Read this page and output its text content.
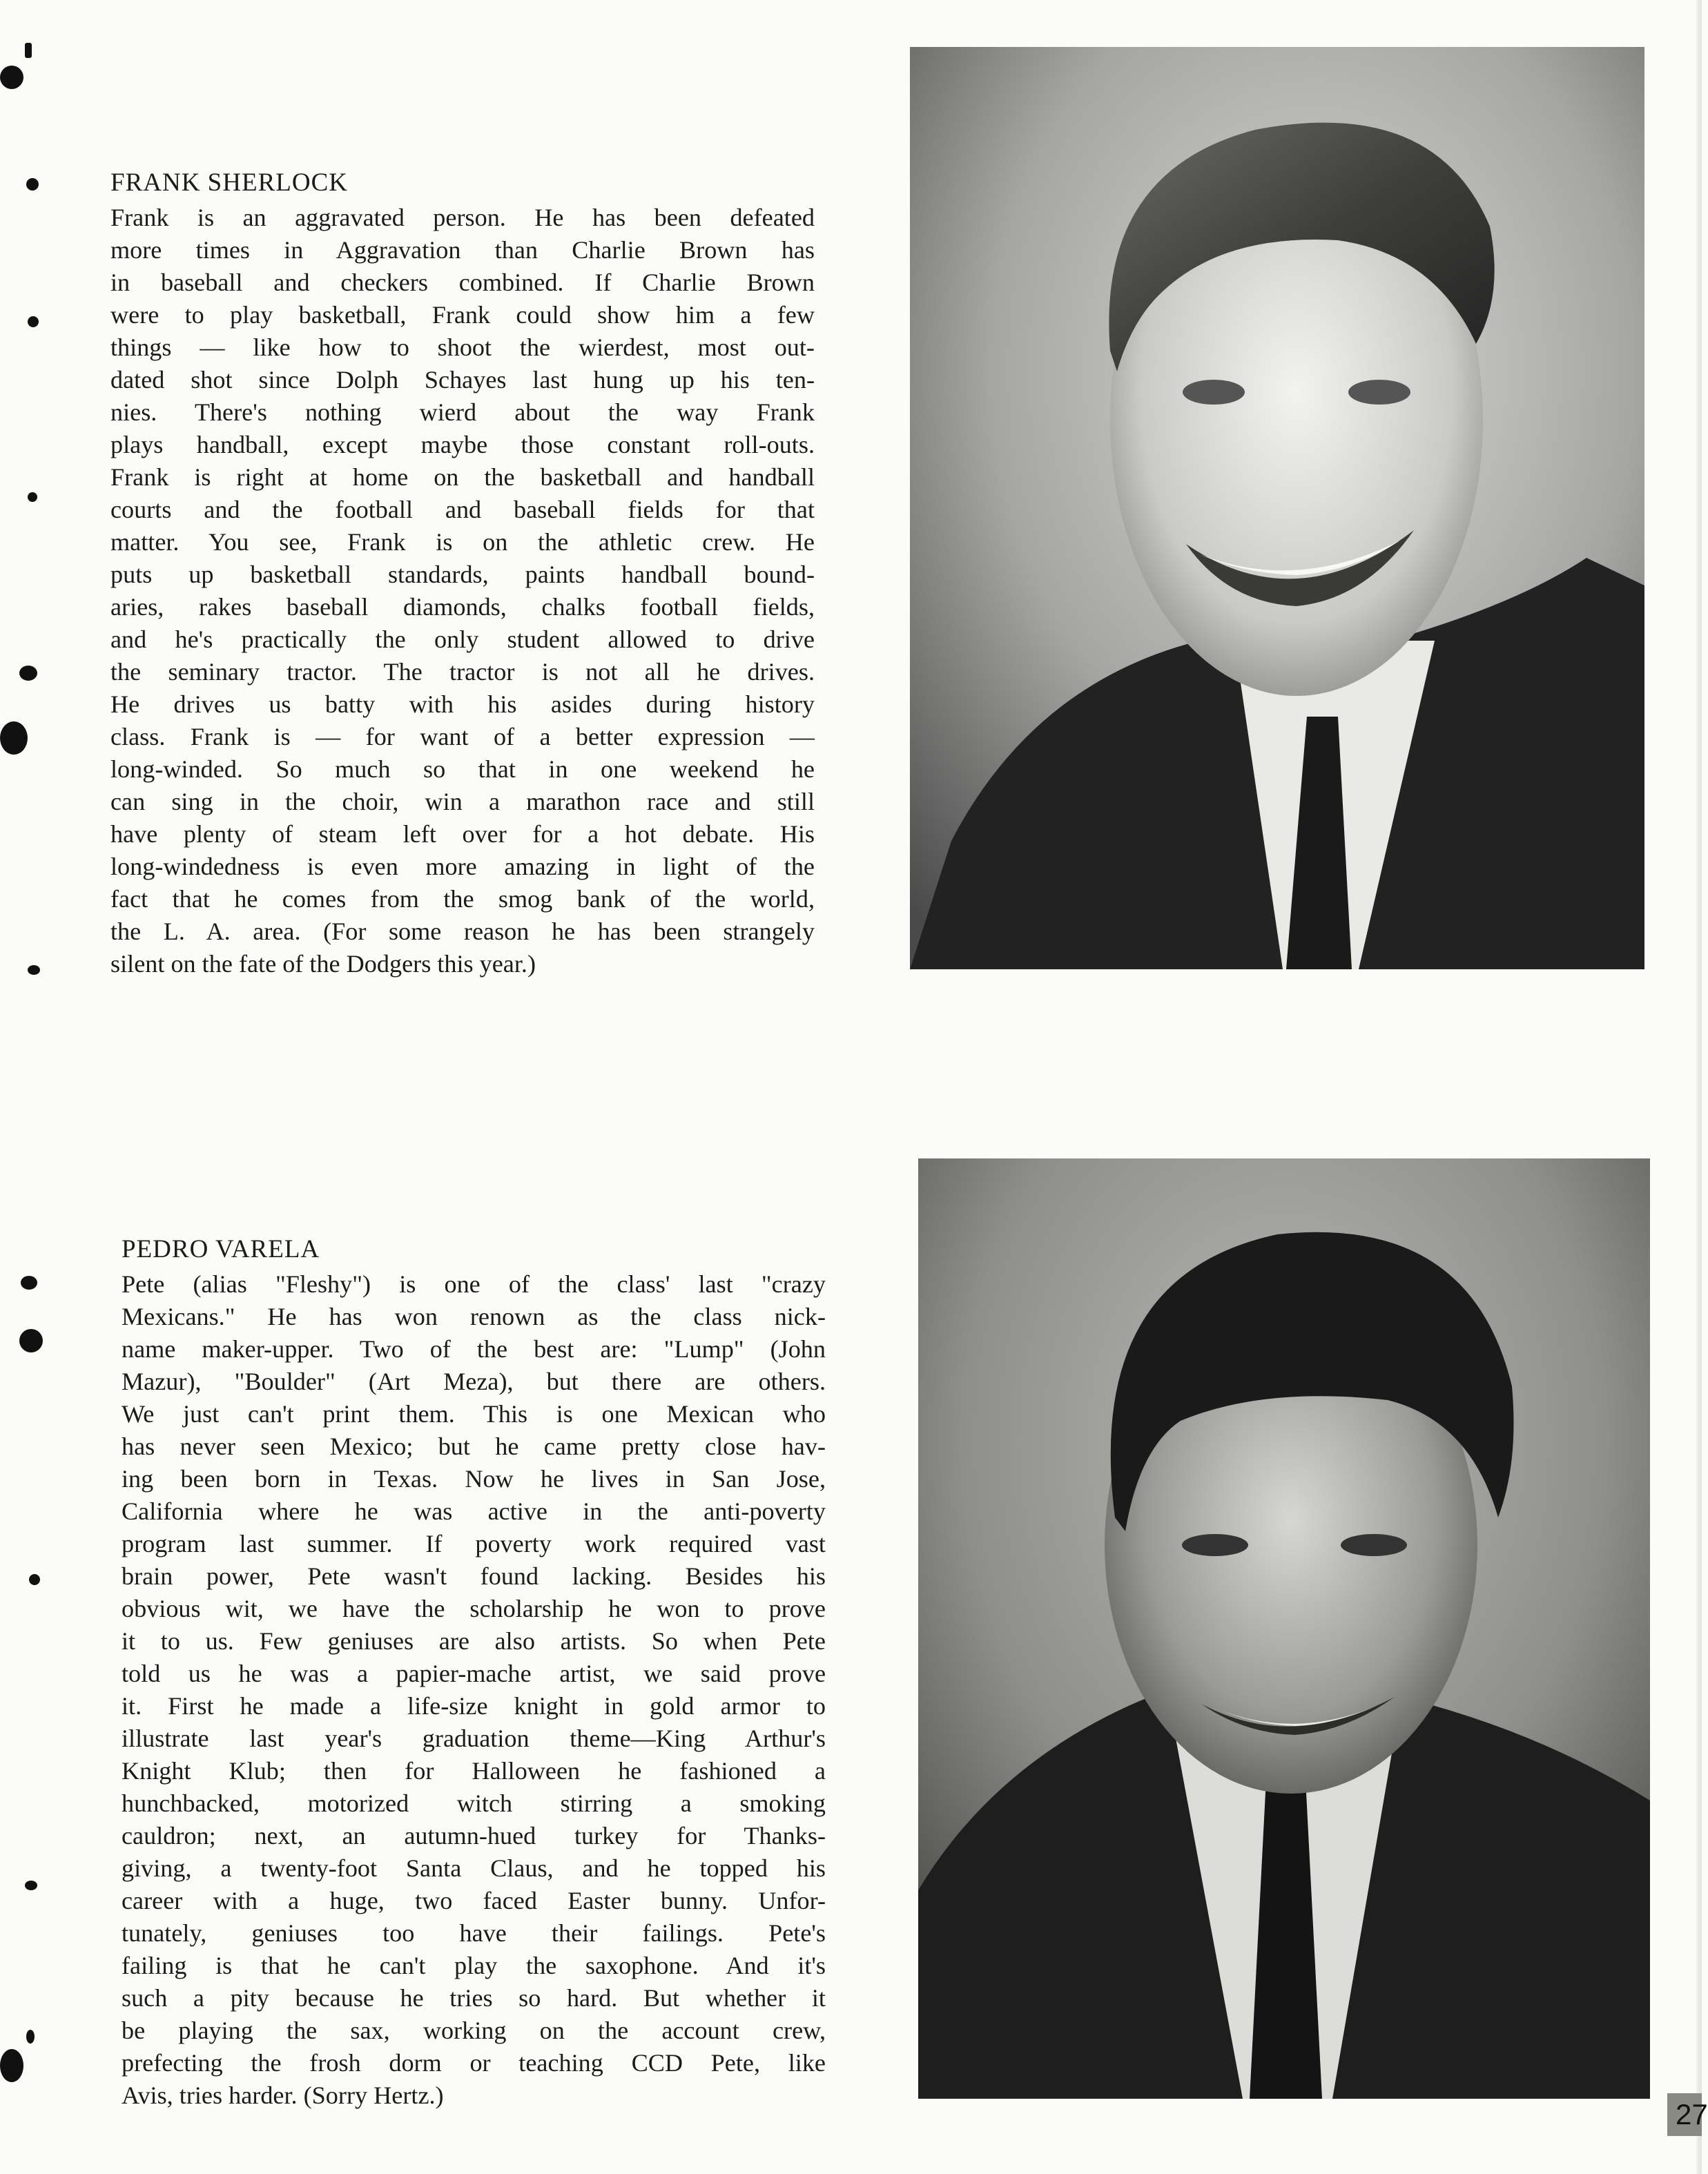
FRANK SHERLOCK

Frank is an aggravated person. He has been defeated
more times in Aggravation than Charlie Brown has
in baseball and checkers combined. If Charlie Brown
were to play basketball, Frank could show him a few
things — like how to shoot the wierdest, most out-
dated shot since Dolph Schayes last hung up his ten-
nies. There's nothing wierd about the way Frank
plays handball, except maybe those constant roll-outs.
Frank is right at home on the basketball and handball
courts and the football and baseball fields for that
matter. You see, Frank is on the athletic crew. He
puts up basketball standards, paints handball bound-
aries, rakes baseball diamonds, chalks football fields,
and he's practically the only student allowed to drive
the seminary tractor. The tractor is not all he drives.
He drives us batty with his asides during history
class. Frank is — for want of a better expression —
long-winded. So much so that in one weekend he
can sing in the choir, win a marathon race and still
have plenty of steam left over for a hot debate. His
long-windedness is even more amazing in light of the
fact that he comes from the smog bank of the world,
the L. A. area. (For some reason he has been strangely
silent on the fate of the Dodgers this year.)

PEDRO VARELA

Pete (alias "Fleshy") is one of the class' last "crazy
Mexicans." He has won renown as the class nick-
name maker-upper. Two of the best are: "Lump" (John
Mazur), "Boulder" (Art Meza), but there are others.
We just can't print them. This is one Mexican who
has never seen Mexico; but he came pretty close hav-
ing been born in Texas. Now he lives in San Jose,
California where he was active in the anti-poverty
program last summer. If poverty work required vast
brain power, Pete wasn't found lacking. Besides his
obvious wit, we have the scholarship he won to prove
it to us. Few geniuses are also artists. So when Pete
told us he was a papier-mache artist, we said prove
it. First he made a life-size knight in gold armor to
illustrate last year's graduation theme—King Arthur's
Knight Klub; then for Halloween he fashioned a
hunchbacked, motorized witch stirring a smoking
cauldron; next, an autumn-hued turkey for Thanks-
giving, a twenty-foot Santa Claus, and he topped his
career with a huge, two faced Easter bunny. Unfor-
tunately, geniuses too have their failings. Pete's
failing is that he can't play the saxophone. And it's
such a pity because he tries so hard. But whether it
be playing the sax, working on the account crew,
prefecting the frosh dorm or teaching CCD Pete, like
Avis, tries harder. (Sorry Hertz.)

27
